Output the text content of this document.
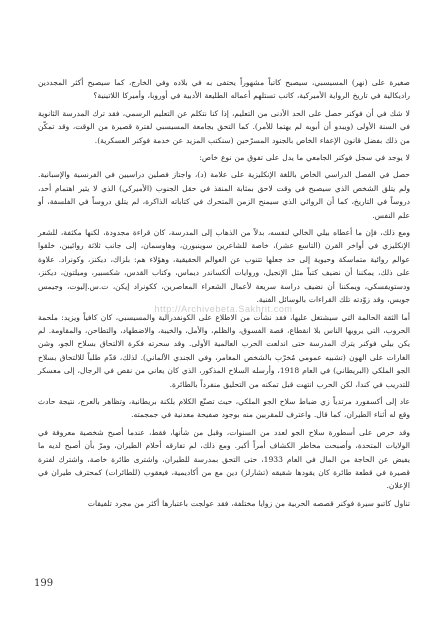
صغيرة على (نهر) المسيسبي، سيصبح كاتباً مشهوراً يحتفى به في بلاده وفي الخارج، كما سيصبح أكثر المجددين راديكالية في تاريخ الرواية الأميركية، كاتب تستلهم أعماله الطليعة الأدبية في أوروبا، وأميركا اللاتينية؟

لا شك في أن فوكنر حصل على الحد الأدنى من التعليم، إذا كنا نتكلم عن التعليم الرسمي، فقد ترك المدرسة الثانوية في السنة الأولى (ويبدو أن أبويه لم يهتما للأمر). كما التحق بجامعة المسيسبي لفترة قصيرة من الوقت، وقد تمكّن من ذلك بفضل قانون الإعفاء الخاص بالجنود المسرّحين (سنكتب المزيد عن خدمة فوكنر العسكرية).

لا يوجد في سجل فوكنر الجامعي ما يدل على تفوق من نوع خاص:

حصل في الفصل الدراسي الخاص باللغة الإنكليزية على علامة (د)، واجتاز فصلين دراسيين في الفرنسية والإسبانية. ولم يتلق الشخص الذي سيصبح في وقت لاحق بمثابة المنقذ في حقل الجنوب (الأميركي) الذي لا يثير اهتمام أحد، دروساً في التاريخ، كما أن الروائي الذي سيمنح الزمن المتحرك في كتاباته الذاكرة، لم يتلق دروساً في الفلسفة، أو علم النفس.

ومع ذلك، فإن ما أعطاه بيلي الخالي لنفسه، بدلاً من الذهاب إلى المدرسة، كان قراءة مجدودة، لكنها مكثفة، للشعر الإنكليزي في أواخر القرن (التاسع عشر)، خاصة للشاعرين سوينبورن، وهاوسمان، إلى جانب ثلاثة روائيين، خلقوا عوالم روائية متماسكة وحيوية إلى حد جعلها تتنوب عن العوالم الحقيقية، وهؤلاء هم: بلزاك، ديكنز، وكونراد. علاوة على ذلك، يمكننا أن نضيف كتباً مثل الإنجيل، وروايات ألكساندر ديماس، وكتاب القدس، شكسبير، وميلتون، ديكنز، ودستويفسكي، ويمكننا أن نضيف دراسة سريعة لأعمال الشعراء المعاصرين، ككونراد إيكن، ت.س.إليوت، وجيمس جويس، وقد زوّدته تلك القراءات بالوسائل الفنية.

أما الثقة الحالمة التي سيشتغل عليها، فقد نشأت من الاطلاع على الكونفدرالية والمسيسبي، كان كافياً ويزيد: ملحمة الحروب، التي يرويها الناس بلا انقطاع، قصة الفسوق، والظلم، والأمل، والخيبة، والاضطهاد، والتطاحن، والمقاومة. لم يكن بيلي فوكنر يترك المدرسة حتى اندلعت الحرب العالمية الأولى. وقد سحرته فكرة الالتحاق بسلاح الجو، وشن الغارات على الهون (تشبيه عمومي مُخرّب بالشخص المغامر، وفي الجندي الألماني). لذلك، قدّم طلباً للالتحاق بسلاح الجو الملكي (البريطاني) في العام 1918، وأرسله السلاح المذكور، الذي كان يعاني من نقص في الرجال، إلى معسكر للتدريب في كندا، لكن الحرب انتهت قبل تمكنه من التحليق منفرداً بالطائرة.

عاد إلى أكسفورد مرتدياً زي ضباط سلاح الجو الملكي، حيث تصنّع الكلام بلكنة بريطانية، وتظاهر بالعرج، نتيجة حادث وقع له أثناء الطيران، كما قال. واعترف للمقربين منه بوجود صفيحة معدنية في جمجمته.

وقد حرص على أسطورة سلاح الجو لعدد من السنوات، وقبل من شأنها، فقط، عندما أصبح شخصية معروفة في الولايات المتحدة، وأصبحت مخاطر الكشاف أمراً أكبر. ومع ذلك، لم تفارقه أحلام الطيران، ومرّ بأن أصبح لديه ما يفيض عن الحاجة من المال في العام 1933، حتى التحق بمدرسة للطيران، واشترى طائرة خاصة، واشترك لفترة قصيرة في قطعة طائرة كان يقودها شقيقه (تشارلز) دين مع من أكاديمية، فيعقوب (للطائرات) كمحترف طيران في الإعلان.

تناول كاتبو سيرة فوكنر قصصه الحربية من زوايا مختلفة، فقد عولجت باعتبارها أكثر من مجرد تلفيقات

http://Archivebeta.Sakhrit.com
199
